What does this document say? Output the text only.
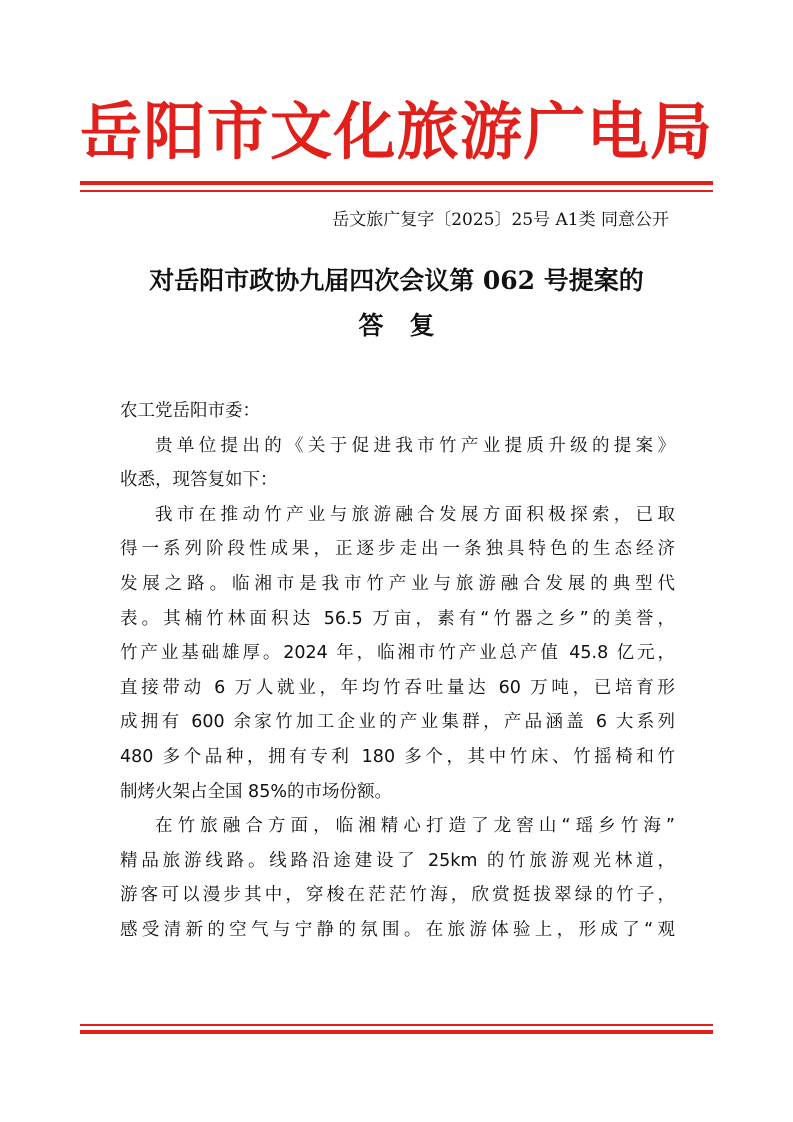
岳阳市文化旅游广电局
岳文旅广复字〔2025〕25号 A1类 同意公开
对岳阳市政协九届四次会议第 062 号提案的
答复
农工党岳阳市委：
贵单位提出的《关于促进我市竹产业提质升级的提案》
收悉，现答复如下：
我市在推动竹产业与旅游融合发展方面积极探索，已取
得一系列阶段性成果，正逐步走出一条独具特色的生态经济
发展之路。临湘市是我市竹产业与旅游融合发展的典型代
表。其楠竹林面积达 56.5 万亩，素有“竹器之乡”的美誉，
竹产业基础雄厚。2024 年，临湘市竹产业总产值 45.8 亿元，
直接带动 6 万人就业，年均竹吞吐量达 60 万吨，已培育形
成拥有 600 余家竹加工企业的产业集群，产品涵盖 6 大系列
480 多个品种，拥有专利 180 多个，其中竹床、竹摇椅和竹
制烤火架占全国 85%的市场份额。
在竹旅融合方面，临湘精心打造了龙窖山“瑶乡竹海”
精品旅游线路。线路沿途建设了 25km 的竹旅游观光林道，
游客可以漫步其中，穿梭在茫茫竹海，欣赏挺拔翠绿的竹子，
感受清新的空气与宁静的氛围。在旅游体验上，形成了“观
